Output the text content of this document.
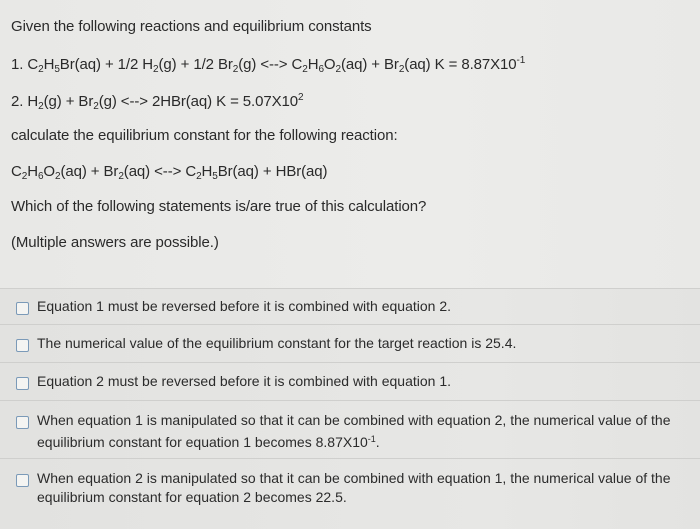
Given the following reactions and equilibrium constants
1. $C_2H_5Br(aq) + 1/2$ $H_2(g) + 1/2$ $Br_2(g)$ <--> $C_2H_6O_2(aq) + Br_2(aq) K = 8.87X10^{-1}$
2. $H_2(g) + Br_2(g)$ <--> 2HBr(aq) $K = 5.07X10^2$
calculate the equilibrium constant for the following reaction:
$C_2H_6O_2(aq) + Br_2(aq)$ <--> $C_2H_5Br(aq) + HBr(aq)$
Which of the following statements is/are true of this calculation?
(Multiple answers are possible.)
Equation 1 must be reversed before it is combined with equation 2.
The numerical value of the equilibrium constant for the target reaction is 25.4.
Equation 2 must be reversed before it is combined with equation 1.
When equation 1 is manipulated so that it can be combined with equation 2, the numerical value of the equilibrium constant for equation 1 becomes $8.87X10^{-1}$.
When equation 2 is manipulated so that it can be combined with equation 1, the numerical value of the equilibrium constant for equation 2 becomes 22.5.
